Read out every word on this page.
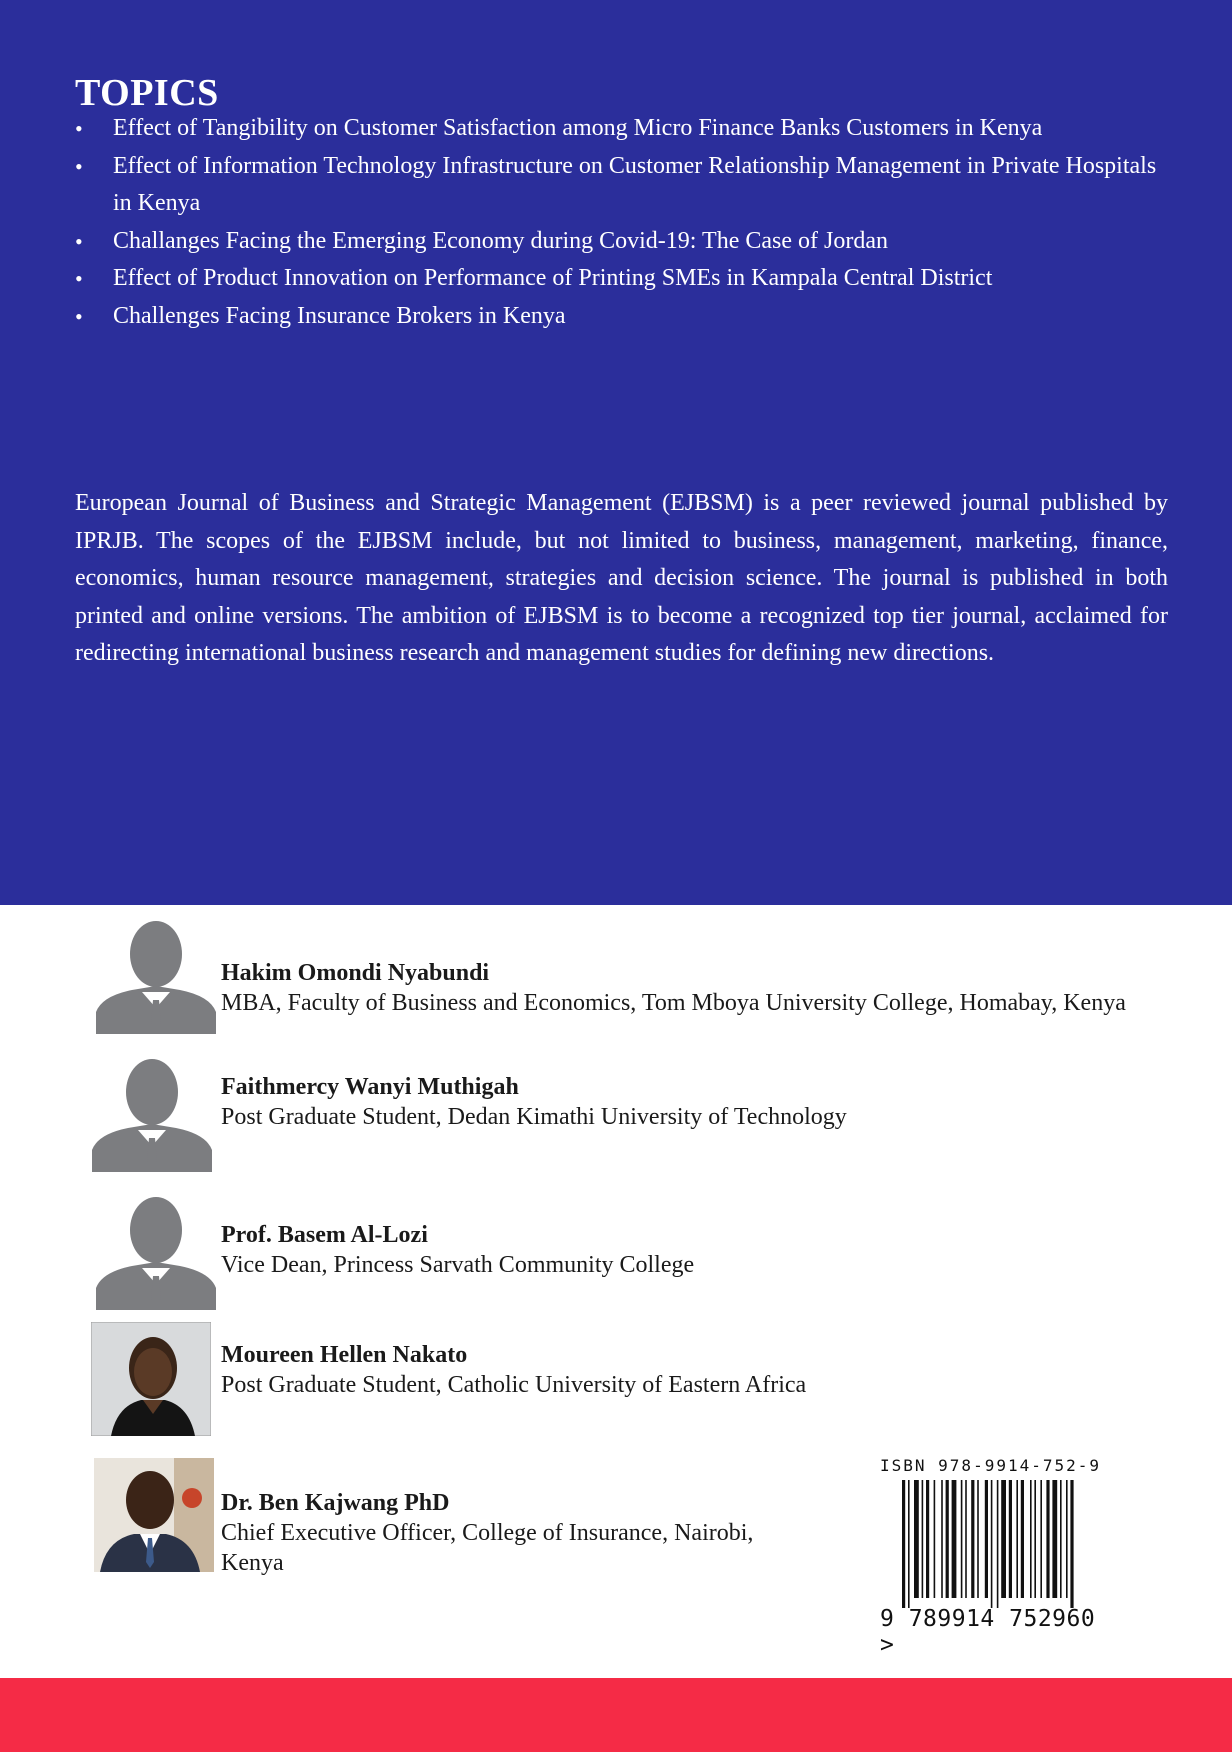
TOPICS
• Effect of Tangibility on Customer Satisfaction among Micro Finance Banks Customers in Kenya
• Effect of Information Technology Infrastructure on Customer Relationship Management in Private Hospitals in Kenya
• Challanges Facing the Emerging Economy during Covid-19: The Case of Jordan
• Effect of Product Innovation on Performance of Printing SMEs in Kampala Central District
• Challenges Facing Insurance Brokers in Kenya

European Journal of Business and Strategic Management (EJBSM) is a peer reviewed journal published by IPRJB. The scopes of the EJBSM include, but not limited to business, management, marketing, finance, economics, human resource management, strategies and decision science. The journal is published in both printed and online versions. The ambition of EJBSM is to become a recognized top tier journal, acclaimed for redirecting international business research and management studies for defining new directions.

Hakim Omondi Nyabundi
MBA, Faculty of Business and Economics, Tom Mboya University College, Homabay, Kenya
Faithmercy Wanyi Muthigah
Post Graduate Student, Dedan Kimathi University of Technology
Prof. Basem Al-Lozi
Vice Dean, Princess Sarvath Community College
Moureen Hellen Nakato
Post Graduate Student, Catholic University of Eastern Africa
Dr. Ben Kajwang PhD
Chief Executive Officer, College of Insurance, Nairobi, Kenya

ISBN 978-9914-752-9

9 789914 752960 >
